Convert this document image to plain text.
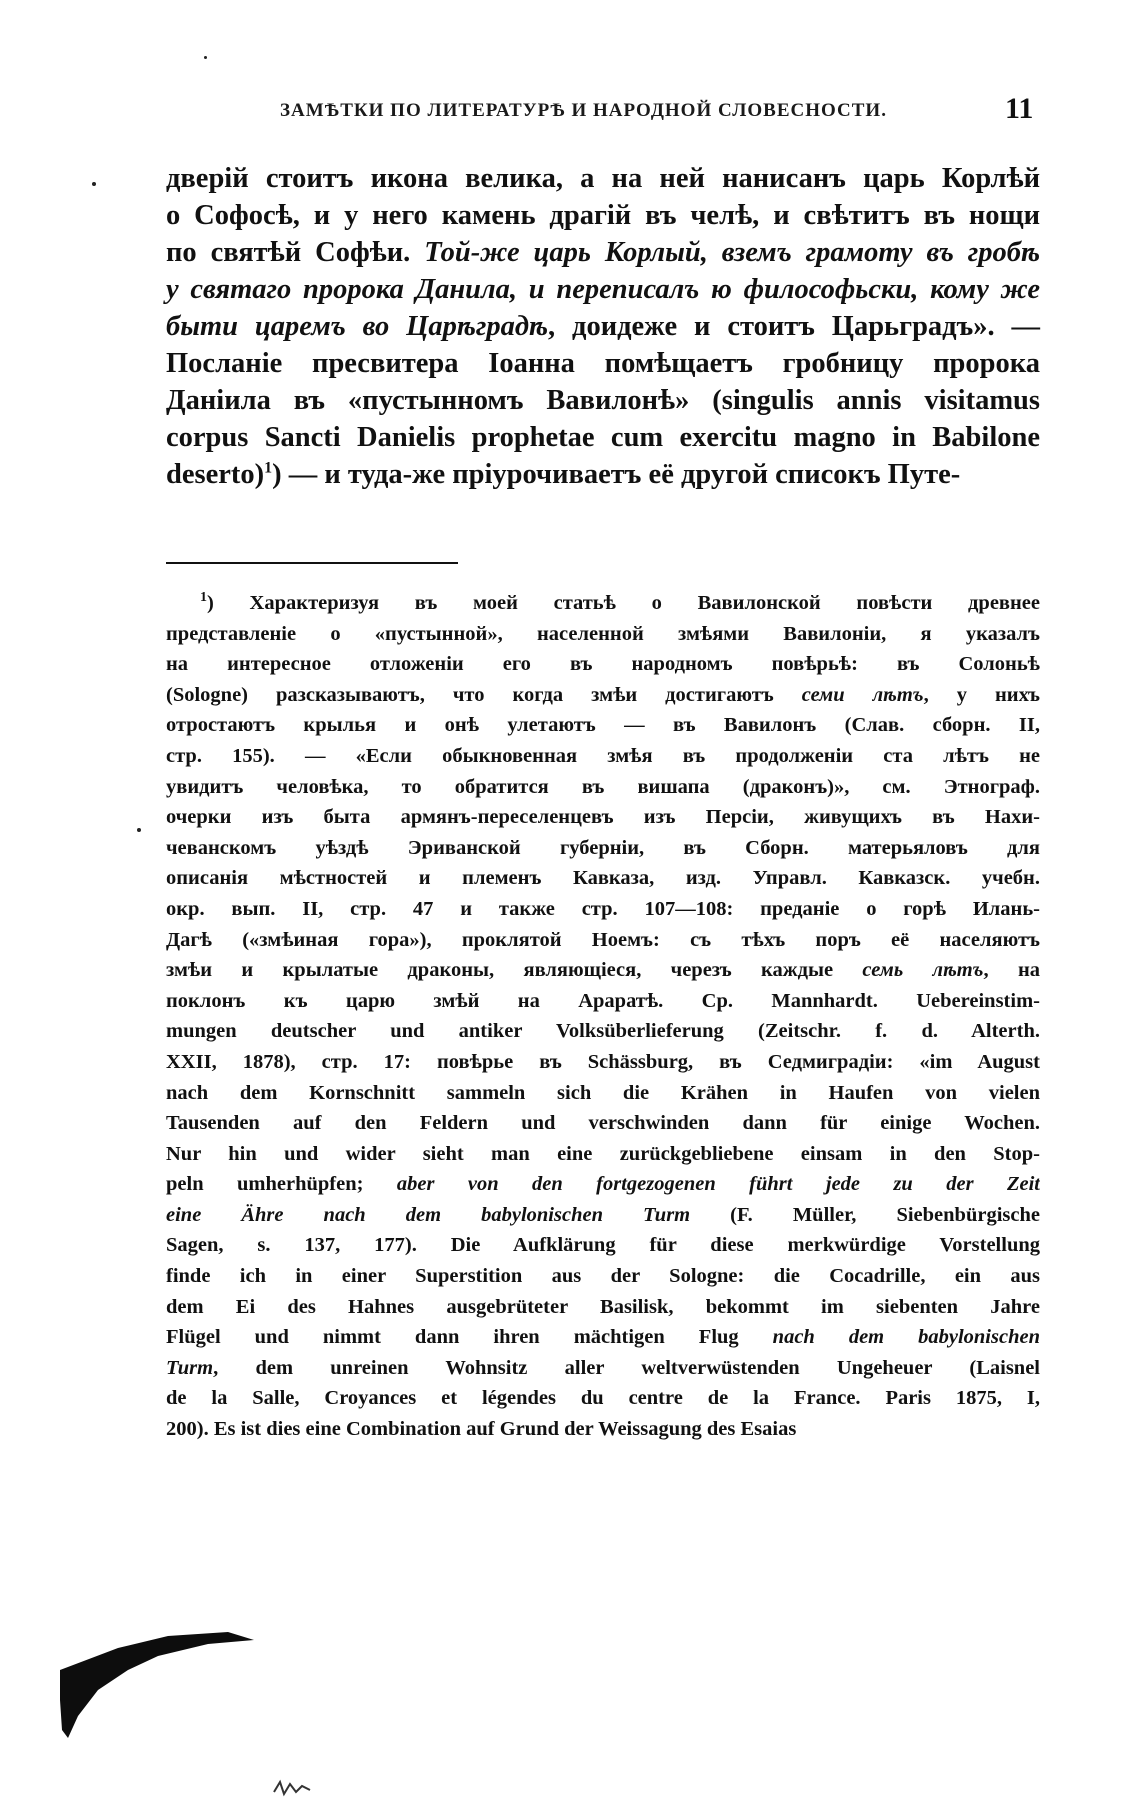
ЗАМѢТКИ ПО ЛИТЕРАТУРѢ И НАРОДНОЙ СЛОВЕСНОСТИ.	11
двеpiй стоитъ икона велика, а на ней нанисанъ царь Корлѣй
о Софосѣ, и у него камень драгiй въ челѣ, и свѣтитъ въ нощи
по святѣй Софѣи. Той-же царь Корлый, вземъ грамоту въ гробѣ
у святаго пророка Данила, и переписалъ ю философьски, кому же
быти царемъ во Царѣградѣ, доидеже и стоитъ Царьградъ». —
Посланiе пресвитера Іоанна помѣщаетъ гробницу пророка
Данiила въ «пустынномъ Вавилонѣ» (singulis annis visitamus
corpus Sancti Danielis prophetae cum exercitu magno in Babilone
deserto)$^1$) — и туда-же прiурочиваетъ её другой списокъ Путе-
$^1$) Характеризуя въ моей статьѣ о Вавилонской повѣсти древнее
представленiе о «пустынной», населенной змѣями Вавилонiи, я указалъ
на интересное отложенiи его въ народномъ повѣрьѣ: въ Солоньѣ
(Sologne) разсказываютъ, что когда змѣи достигаютъ семи лѣтъ, у нихъ
отростаютъ крылья и онѣ улетаютъ — въ Вавилонъ (Слав. сборн. II,
стр. 155). — «Если обыкновенная змѣя въ продолженiи ста лѣтъ не
увидитъ человѣка, то обратится въ вишапа (драконъ)», см. Этнограф.
очерки изъ быта армянъ-переселенцевъ изъ Персiи, живущихъ въ Нахи-
чеванскомъ уѣздѣ Эриванской губернiи, въ Сборн. матерьяловъ для
описанiя мѣстностей и племенъ Кавказа, изд. Управл. Кавказск. учебн.
окр. вып. II, стр. 47 и также стр. 107—108: преданiе о горѣ Илань-
Дагѣ («змѣиная гора»), проклятой Ноемъ: съ тѣхъ поръ её населяютъ
змѣи и крылатые драконы, являющiеся, черезъ каждые семь лѣтъ, на
поклонъ къ царю змѣй на Араратѣ. Ср. Mannhardt. Uebereinstim-
mungen deutscher und antiker Volksüberlieferung (Zeitschr. f. d. Alterth.
XXII, 1878), стр. 17: повѣрье въ Schässburg, въ Седмиградiи: «im August
nach dem Kornschnitt sammeln sich die Krähen in Haufen von vielen
Tausenden auf den Feldern und verschwinden dann für einige Wochen.
Nur hin und wider sieht man eine zurückgebliebene einsam in den Stop-
peln umherhüpfen; aber von den fortgezogenen führt jede zu der Zeit
eine Ähre nach dem babylonischen Turm (F. Müller, Siebenbürgische
Sagen, s. 137, 177). Die Aufklärung für diese merkwürdige Vorstellung
finde ich in einer Superstition aus der Sologne: die Cocadrille, ein aus
dem Ei des Hahnes ausgebrüteter Basilisk, bekommt im siebenten Jahre
Flügel und nimmt dann ihren mächtigen Flug nach dem babylonischen
Turm, dem unreinen Wohnsitz aller weltverwüstenden Ungeheuer (Laisnel
de la Salle, Croyances et légendes du centre de la France. Paris 1875, I,
200). Es ist dies eine Combination auf Grund der Weissagung des Esaias
